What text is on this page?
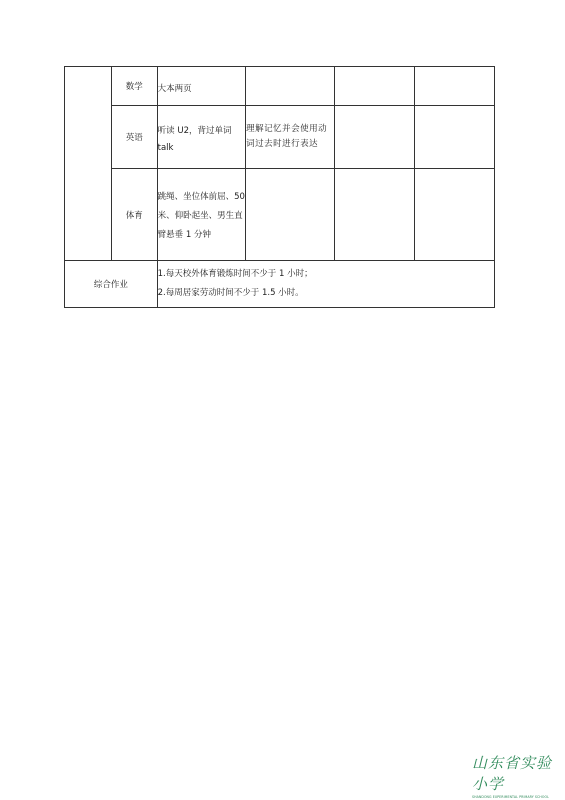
	数学	大本两页			
	英语	听读 U2，背过单词 talk	理解记忆并会使用动词过去时进行表达		
	体育	跳绳、坐位体前屈、50 米、仰卧起坐、男生直臂悬垂 1 分钟			
综合作业		1.每天校外体育锻炼时间不少于 1 小时；
2.每周居家劳动时间不少于 1.5 小时。			
山东省实验小学
SHANDONG EXPERIMENTAL PRIMARY SCHOOL
